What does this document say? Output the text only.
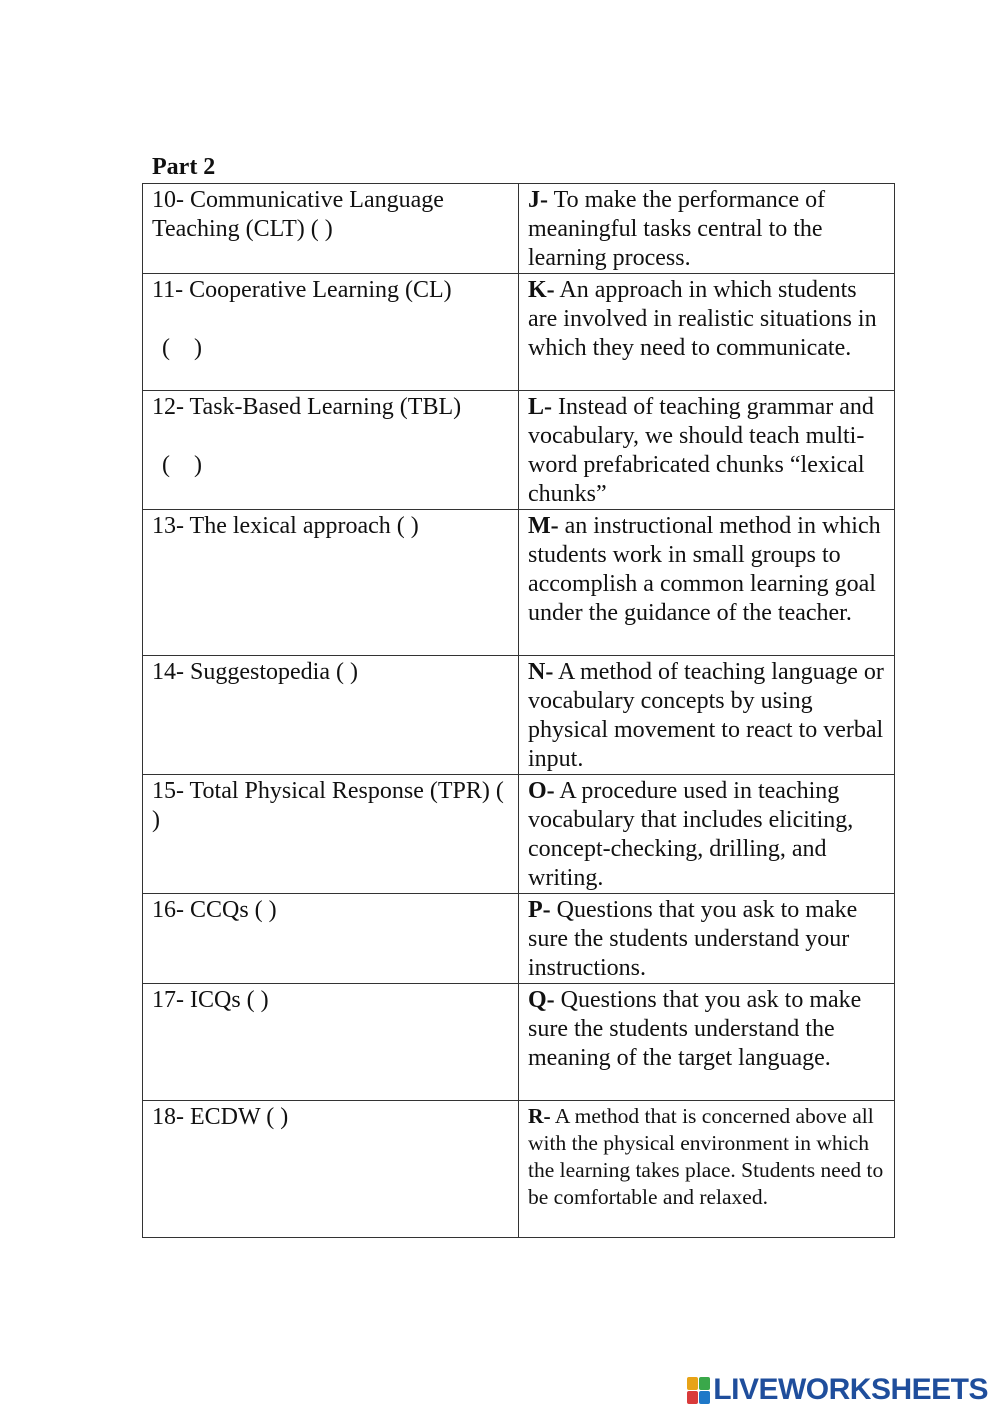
Part 2
10- Communicative Language Teaching (CLT) ( )	J- To make the performance of meaningful tasks central to the learning process.
11- Cooperative Learning (CL)
(    )	K- An approach in which students are involved in realistic situations in which they need to communicate.
12- Task-Based Learning (TBL)
(    )	L- Instead of teaching grammar and vocabulary, we should teach multi-word prefabricated chunks “lexical chunks”
13- The lexical approach ( )	M- an instructional method in which students work in small groups to accomplish a common learning goal under the guidance of the teacher.
14- Suggestopedia ( )	N- A method of teaching language or vocabulary concepts by using physical movement to react to verbal input.
15- Total Physical Response (TPR) ( )	O- A procedure used in teaching vocabulary that includes eliciting, concept-checking, drilling, and writing.
16- CCQs ( )	P- Questions that you ask to make sure the students understand your instructions.
17- ICQs ( )	Q- Questions that you ask to make sure the students understand the meaning of the target language.
18- ECDW ( )	R- A method that is concerned above all with the physical environment in which the learning takes place. Students need to be comfortable and relaxed.
LIVEWORKSHEETS
